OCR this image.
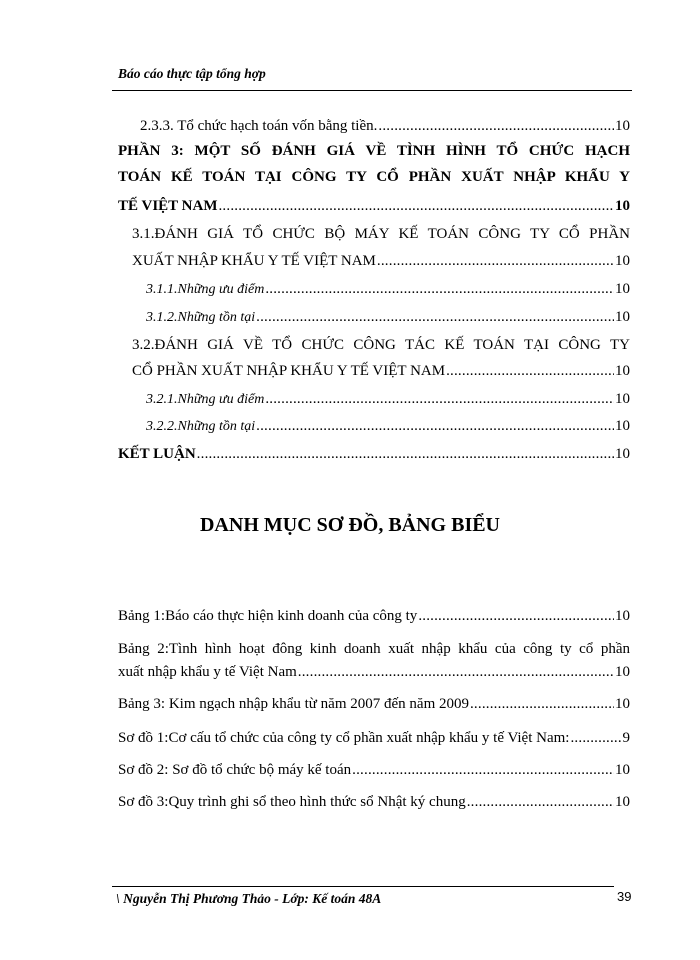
Báo cáo thực tập tổng hợp
2.3.3. Tổ chức hạch toán vốn bằng tiền. .....	10
PHẦN 3: MỘT SỐ ĐÁNH GIÁ VỀ TÌNH HÌNH TỔ CHỨC HẠCH
TOÁN KẾ TOÁN TẠI CÔNG TY CỔ PHẦN XUẤT NHẬP KHẨU Y
TẾ VIỆT NAM .....	10
3.1.ĐÁNH GIÁ TỔ CHỨC BỘ MÁY KẾ TOÁN CÔNG TY CỔ PHẦN
XUẤT NHẬP KHẨU Y TẾ VIỆT NAM .....	10
3.1.1.Những ưu điểm .....	10
3.1.2.Những tồn tại .....	10
3.2.ĐÁNH GIÁ VỀ TỔ CHỨC CÔNG TÁC KẾ TOÁN TẠI CÔNG TY
CỔ PHẦN XUẤT NHẬP KHẨU Y TẾ VIỆT NAM .....	10
3.2.1.Những ưu điểm .....	10
3.2.2.Những tồn tại .....	10
KẾT LUẬN .....	10
DANH MỤC SƠ ĐỒ, BẢNG BIỂU
Bảng 1:Báo cáo thực hiện kinh doanh của công ty .....	10
Bảng 2:Tình hình hoạt đông kinh doanh xuất nhập khẩu của công ty cổ phần
xuất nhập khẩu y tế Việt Nam .....	10
Bảng 3: Kim ngạch nhập khẩu từ năm 2007 đến năm 2009 .....	10
Sơ đồ 1:Cơ cấu tổ chức của công ty cổ phần xuất nhập khẩu y tế Việt Nam: .....	9
Sơ đồ 2: Sơ đồ tổ chức bộ máy kế toán .....	10
Sơ đồ 3:Quy trình ghi sổ theo hình thức sổ Nhật ký chung .....	10
\ Nguyễn Thị Phương Thảo - Lớp: Kế toán 48A	39
